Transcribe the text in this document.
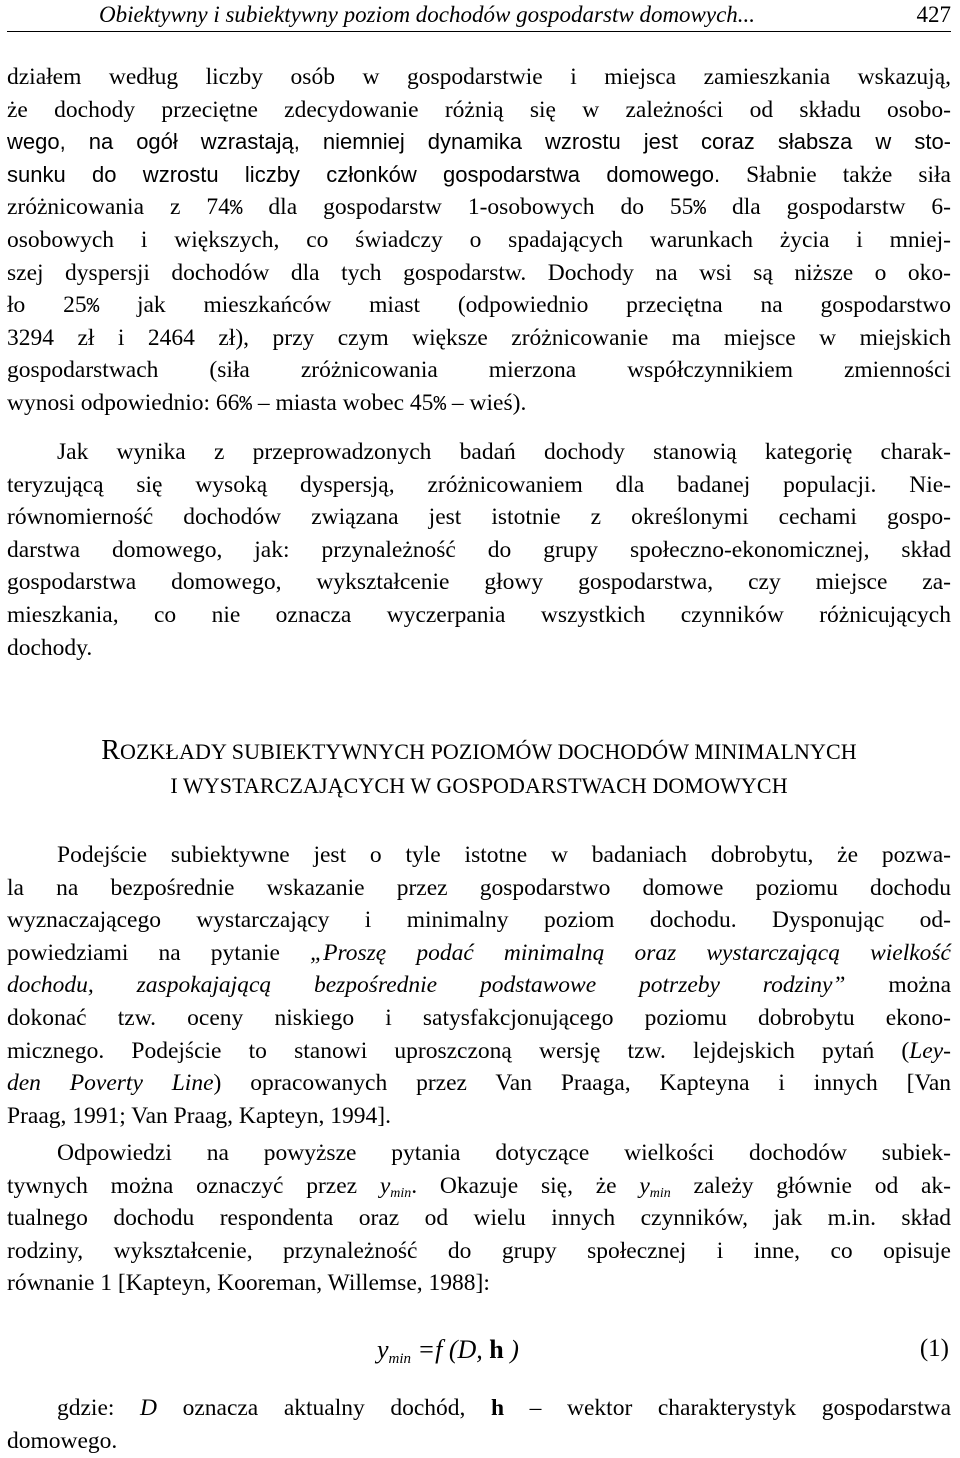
Obiektywny i subiektywny poziom dochodów gospodarstw domowych...	427
działem według liczby osób w gospodarstwie i miejsca zamieszkania wskazują,
że dochody przeciętne zdecydowanie różnią się w zależności od składu osobo-
wego, na ogół wzrastają, niemniej dynamika wzrostu jest coraz słabsza w sto-
sunku do wzrostu liczby członków gospodarstwa domowego. Słabnie także siła
zróżnicowania z 74% dla gospodarstw 1-osobowych do 55% dla gospodarstw 6-
osobowych i większych, co świadczy o spadających warunkach życia i mniej-
szej dyspersji dochodów dla tych gospodarstw. Dochody na wsi są niższe o oko-
ło 25% jak mieszkańców miast (odpowiednio przeciętna na gospodarstwo
3294 zł i 2464 zł), przy czym większe zróżnicowanie ma miejsce w miejskich
gospodarstwach (siła zróżnicowania mierzona współczynnikiem zmienności
wynosi odpowiednio: 66% – miasta wobec 45% – wieś).
Jak wynika z przeprowadzonych badań dochody stanowią kategorię charak-
teryzującą się wysoką dyspersją, zróżnicowaniem dla badanej populacji. Nie-
równomierność dochodów związana jest istotnie z określonymi cechami gospo-
darstwa domowego, jak: przynależność do grupy społeczno-ekonomicznej, skład
gospodarstwa domowego, wykształcenie głowy gospodarstwa, czy miejsce za-
mieszkania, co nie oznacza wyczerpania wszystkich czynników różnicujących
dochody.
ROZKŁADY SUBIEKTYWNYCH POZIOMÓW DOCHODÓW MINIMALNYCH
I WYSTARCZAJĄCYCH W GOSPODARSTWACH DOMOWYCH
Podejście subiektywne jest o tyle istotne w badaniach dobrobytu, że pozwa-
la na bezpośrednie wskazanie przez gospodarstwo domowe poziomu dochodu
wyznaczającego wystarczający i minimalny poziom dochodu. Dysponując od-
powiedziami na pytanie „Proszę podać minimalną oraz wystarczającą wielkość
dochodu, zaspokajającą bezpośrednie podstawowe potrzeby rodziny” można
dokonać tzw. oceny niskiego i satysfakcjonującego poziomu dobrobytu ekono-
micznego. Podejście to stanowi uproszczoną wersję tzw. lejdejskich pytań (Ley-
den Poverty Line) opracowanych przez Van Praaga, Kapteyna i innych [Van
Praag, 1991; Van Praag, Kapteyn, 1994].
Odpowiedzi na powyższe pytania dotyczące wielkości dochodów subiek-
tywnych można oznaczyć przez $y_{min}$. Okazuje się, że $y_{min}$ zależy głównie od ak-
tualnego dochodu respondenta oraz od wielu innych czynników, jak m.in. skład
rodziny, wykształcenie, przynależność do grupy społecznej i inne, co opisuje
równanie 1 [Kapteyn, Kooreman, Willemse, 1988]:
$y_{min} =f$ (D, h )	(1)
gdzie: D oznacza aktualny dochód, h – wektor charakterystyk gospodarstwa
domowego.
